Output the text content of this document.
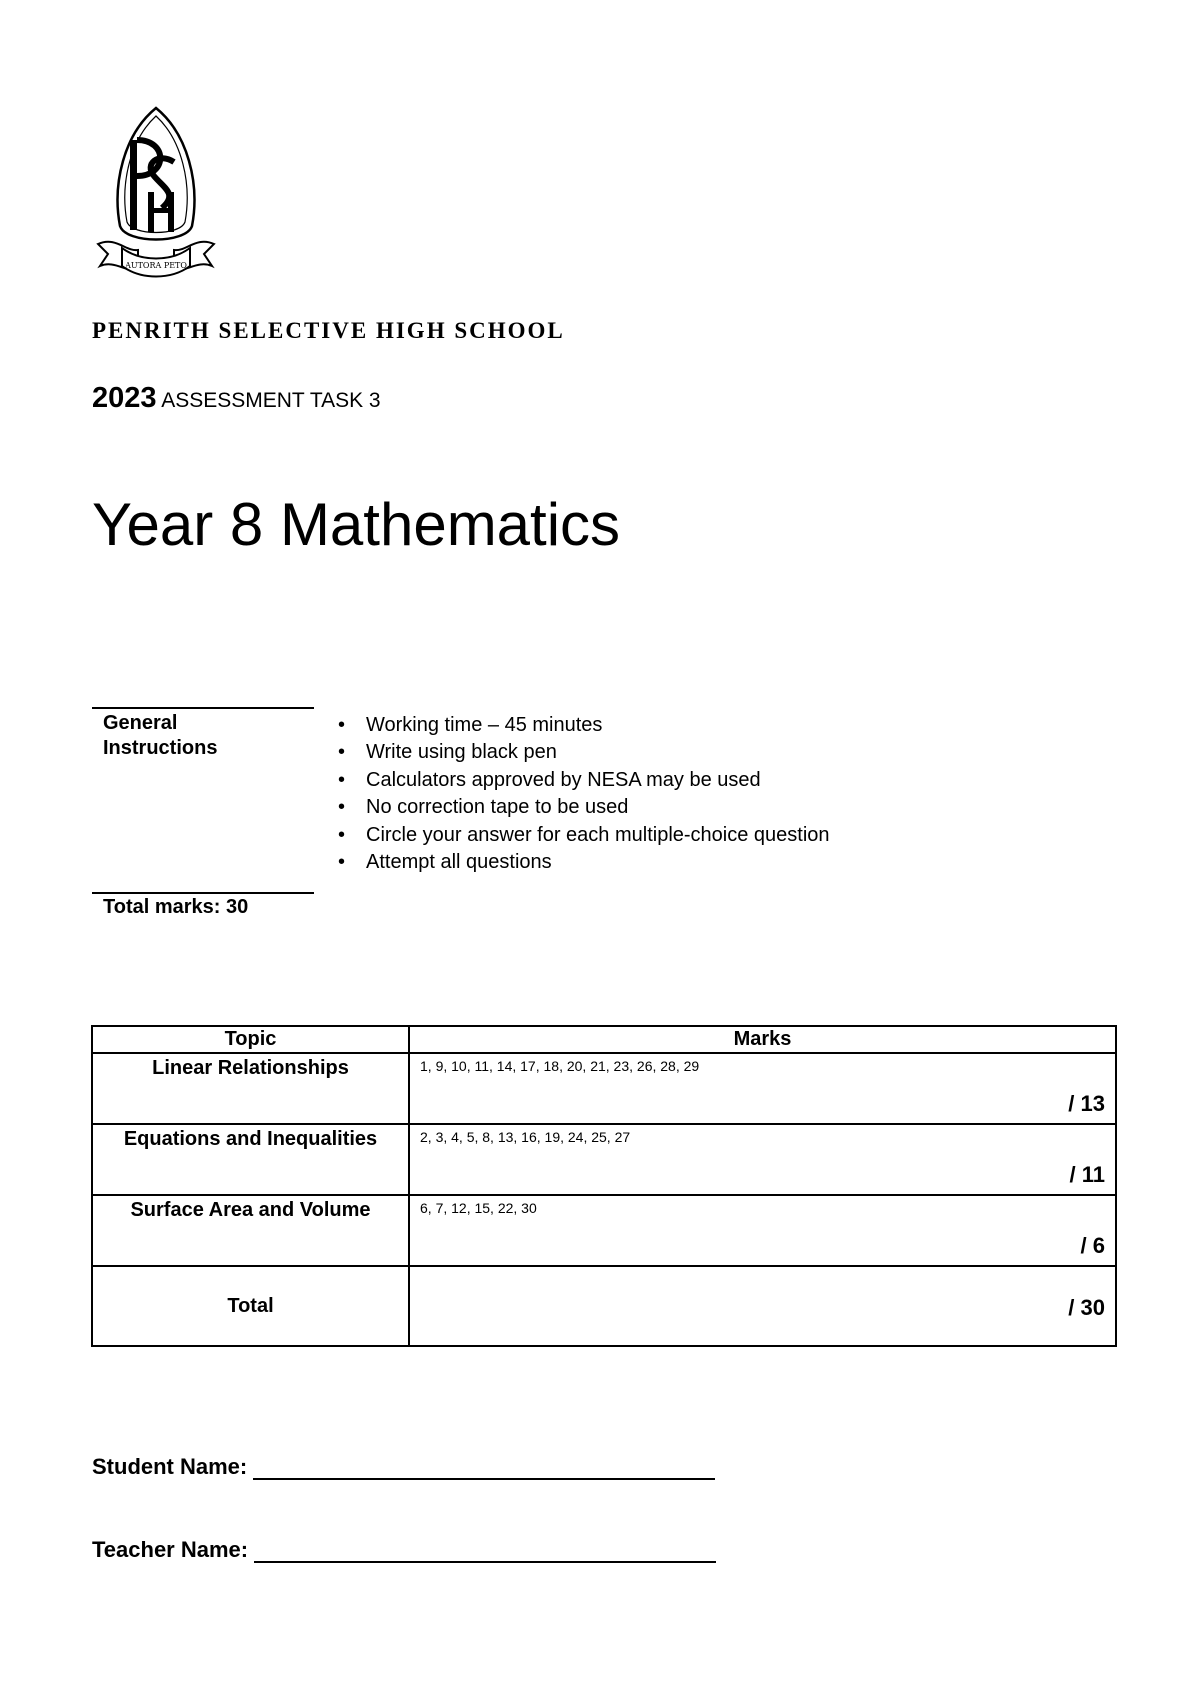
AUTORA PETO
PENRITH SELECTIVE HIGH SCHOOL
2023 ASSESSMENT TASK 3
Year 8 Mathematics
General Instructions
• Working time – 45 minutes
• Write using black pen
• Calculators approved by NESA may be used
• No correction tape to be used
• Circle your answer for each multiple-choice question
• Attempt all questions
Total marks: 30
Topic	Marks
Linear Relationships	1, 9, 10, 11, 14, 17, 18, 20, 21, 23, 26, 28, 29
/ 13

Equations and Inequalities	2, 3, 4, 5, 8, 13, 16, 19, 24, 25, 27
/ 11

Surface Area and Volume	6, 7, 12, 15, 22, 30
/ 6

Total	/ 30
Student Name:
Teacher Name:
